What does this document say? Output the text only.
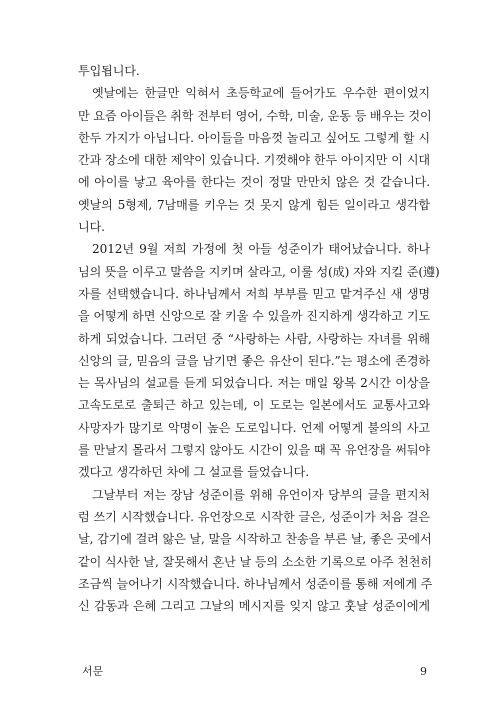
투입됩니다.
옛날에는 한글만 익혀서 초등학교에 들어가도 우수한 편이었지
만 요즘 아이들은 취학 전부터 영어, 수학, 미술, 운동 등 배우는 것이
한두 가지가 아닙니다. 아이들을 마음껏 놀리고 싶어도 그렇게 할 시
간과 장소에 대한 제약이 있습니다. 기껏해야 한두 아이지만 이 시대
에 아이를 낳고 육아를 한다는 것이 정말 만만치 않은 것 같습니다.
옛날의 5형제, 7남매를 키우는 것 못지 않게 힘든 일이라고 생각합
니다.
2012년 9월 저희 가정에 첫 아들 성준이가 태어났습니다. 하나
님의 뜻을 이루고 말씀을 지키며 살라고, 이룰 성(成) 자와 지킬 준(遵)
자를 선택했습니다. 하나님께서 저희 부부를 믿고 맡겨주신 새 생명
을 어떻게 하면 신앙으로 잘 키울 수 있을까 진지하게 생각하고 기도
하게 되었습니다. 그러던 중 “사랑하는 사람, 사랑하는 자녀를 위해
신앙의 글, 믿음의 글을 남기면 좋은 유산이 된다.”는 평소에 존경하
는 목사님의 설교를 듣게 되었습니다. 저는 매일 왕복 2시간 이상을
고속도로로 출퇴근 하고 있는데, 이 도로는 일본에서도 교통사고와
사망자가 많기로 악명이 높은 도로입니다. 언제 어떻게 불의의 사고
를 만날지 몰라서 그렇지 않아도 시간이 있을 때 꼭 유언장을 써둬야
겠다고 생각하던 차에 그 설교를 들었습니다.
그날부터 저는 장남 성준이를 위해 유언이자 당부의 글을 편지처
럼 쓰기 시작했습니다. 유언장으로 시작한 글은, 성준이가 처음 걸은
날, 감기에 걸려 앓은 날, 말을 시작하고 찬송을 부른 날, 좋은 곳에서
같이 식사한 날, 잘못해서 혼난 날 등의 소소한 기록으로 아주 천천히
조금씩 늘어나기 시작했습니다. 하나님께서 성준이를 통해 저에게 주
신 감동과 은혜 그리고 그날의 메시지를 잊지 않고 훗날 성준이에게
서문	9
